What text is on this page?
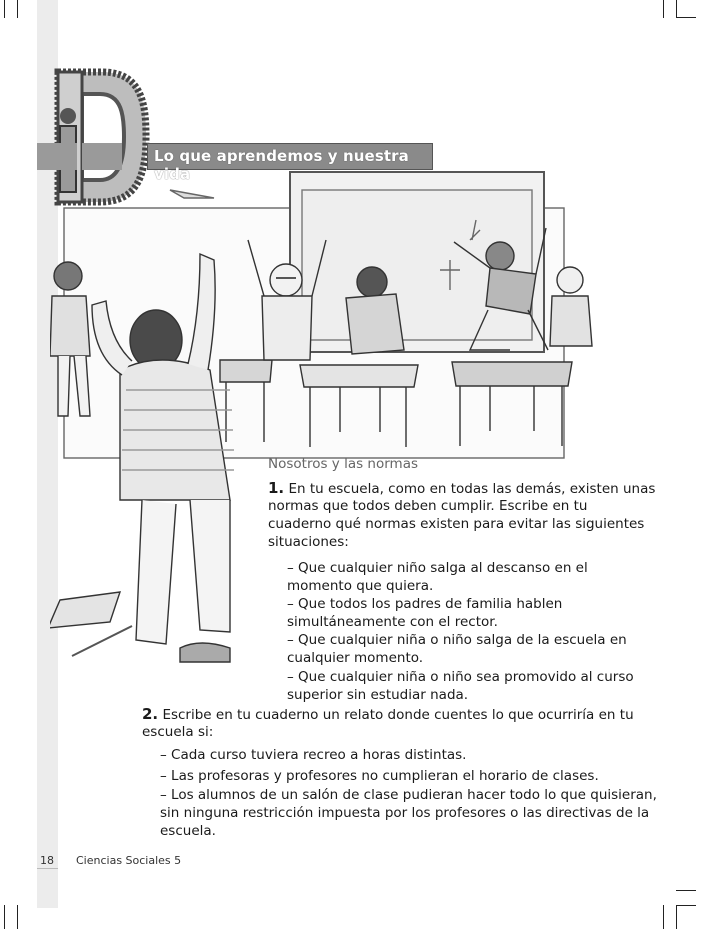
Lo que aprendemos y nuestra vida
Nosotros y las normas
1. En tu escuela, como en todas las demás, existen unas
normas que todos deben cumplir. Escribe en tu
cuaderno qué normas existen para evitar las siguientes
situaciones:
– Que cualquier niño salga al descanso en el
momento que quiera.
– Que todos los padres de familia hablen
simultáneamente con el rector.
– Que cualquier niña o niño salga de la escuela en
cualquier momento.
– Que cualquier niña o niño sea promovido al curso
superior sin estudiar nada.
2. Escribe en tu cuaderno un relato donde cuentes lo que ocurriría en tu
escuela si:
– Cada curso tuviera recreo a horas distintas.
– Las profesoras y profesores no cumplieran el horario de clases.
– Los alumnos de un salón de clase pudieran hacer todo lo que quisieran,
sin ninguna restricción impuesta por los profesores o las directivas de la
escuela.
18 Ciencias Sociales 5
